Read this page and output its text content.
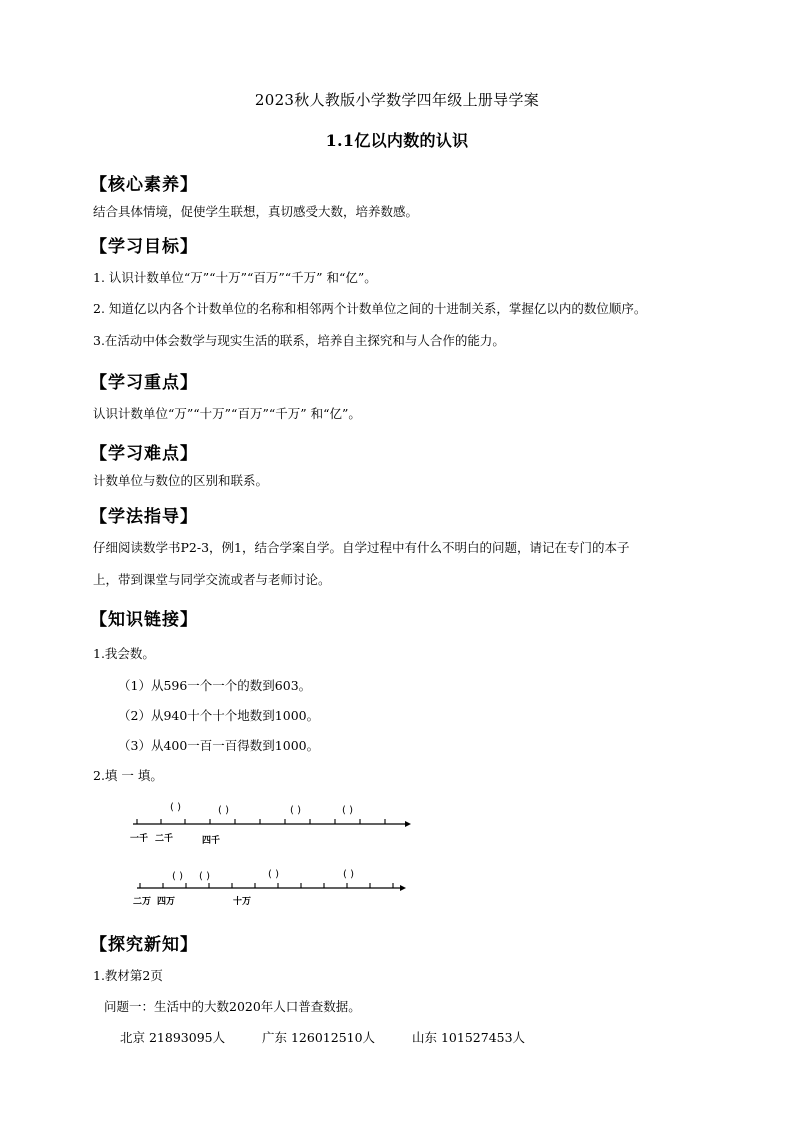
2023秋人教版小学数学四年级上册导学案
1.1亿以内数的认识
【核心素养】
结合具体情境，促使学生联想，真切感受大数，培养数感。
【学习目标】
1. 认识计数单位“万”“十万”“百万”“千万” 和“亿”。
2. 知道亿以内各个计数单位的名称和相邻两个计数单位之间的十进制关系，掌握亿以内的数位顺序。
3.在活动中体会数学与现实生活的联系，培养自主探究和与人合作的能力。
【学习重点】
认识计数单位“万”“十万”“百万”“千万” 和“亿”。
【学习难点】
计数单位与数位的区别和联系。
【学法指导】
仔细阅读数学书P2-3，例1，结合学案自学。自学过程中有什么不明白的问题，请记在专门的本子
上，带到课堂与同学交流或者与老师讨论。
【知识链接】
1.我会数。
（1）从596一个一个的数到603。
（2）从940十个十个地数到1000。
（3）从400一百一百得数到1000。
2.填 一 填。
( )	( )	( )	( )
一千 二千	四千
( ) ( )	( )	( )
二万 四万	十万
【探究新知】
1.教材第2页
问题一：生活中的大数2020年人口普查数据。
北京 21893095人	广东 126012510人	山东 101527453人
